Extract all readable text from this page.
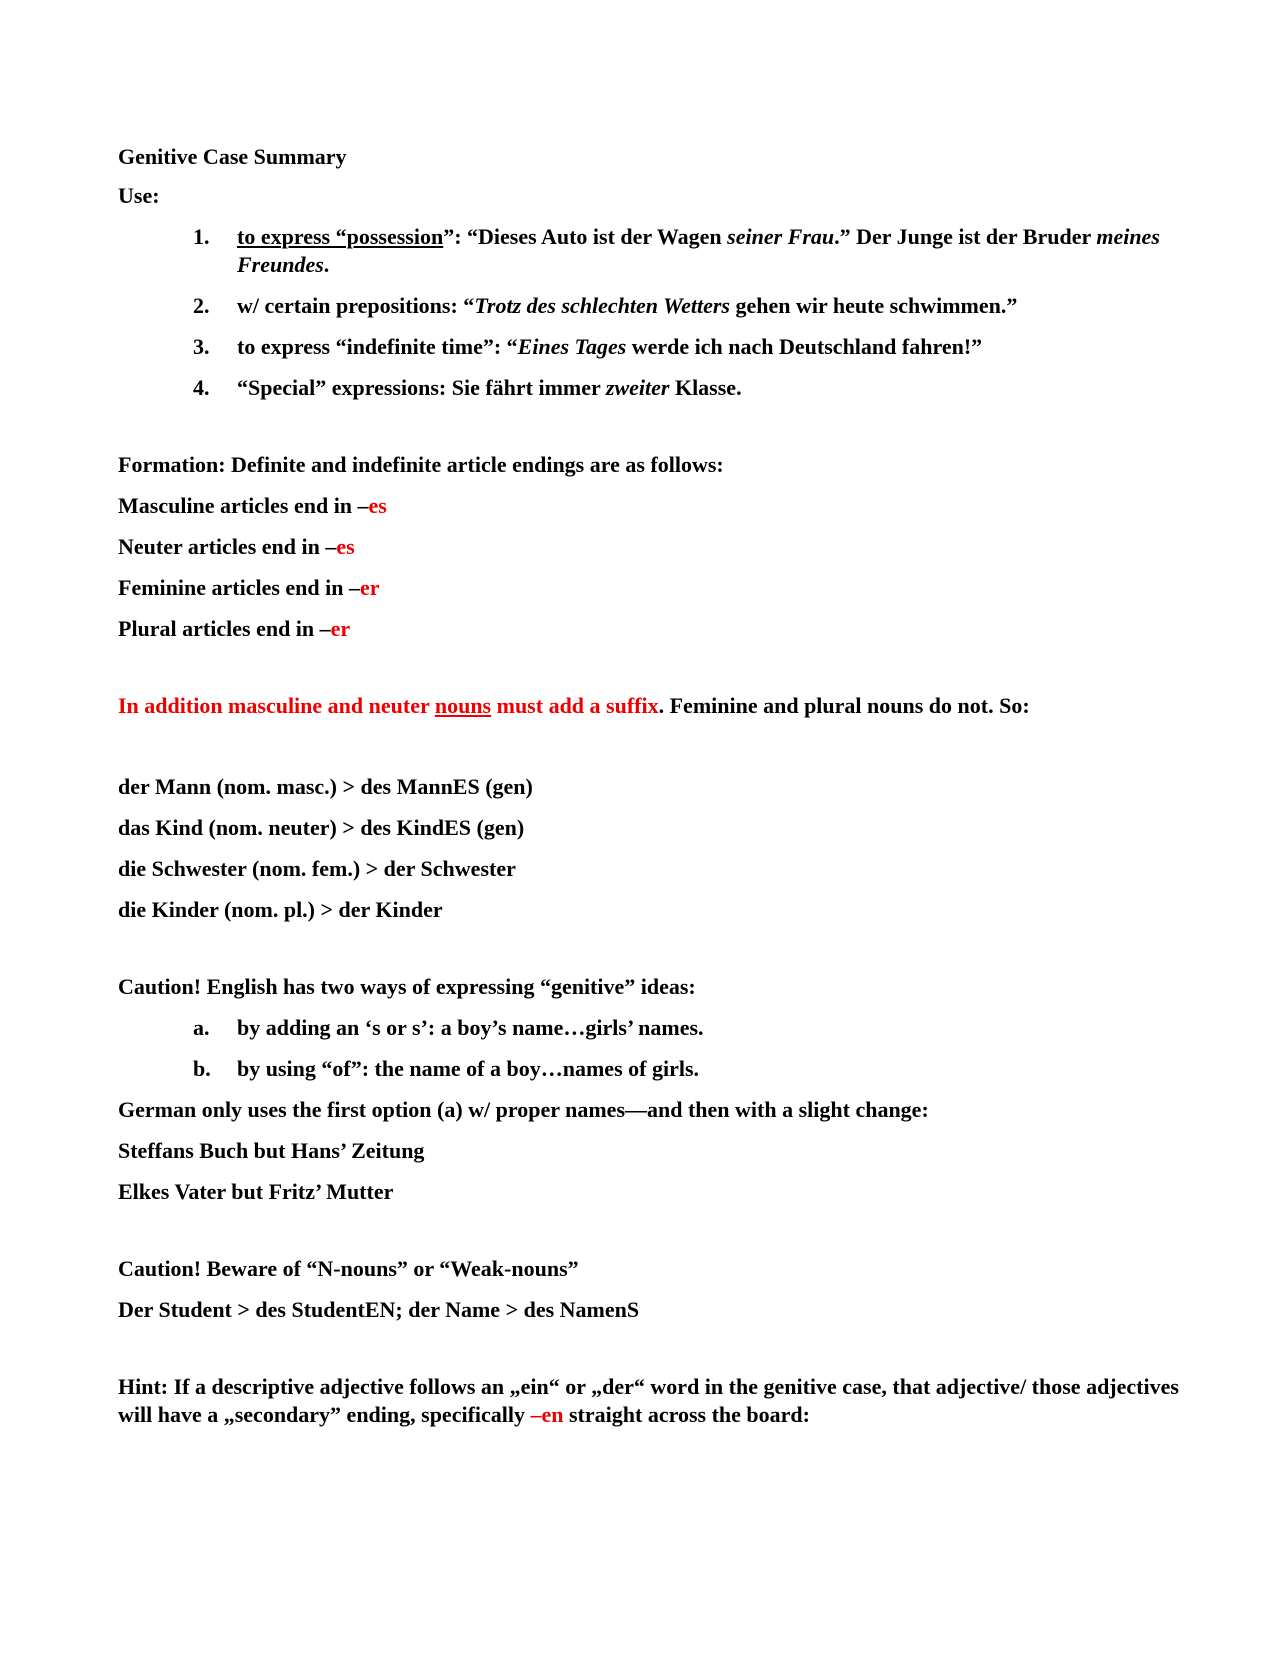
Genitive Case Summary

Use:

1. to express “possession”: “Dieses Auto ist der Wagen seiner Frau.” Der Junge ist der Bruder meines Freundes.
2. w/ certain prepositions: “Trotz des schlechten Wetters gehen wir heute schwimmen.”
3. to express “indefinite time”: “Eines Tages werde ich nach Deutschland fahren!”
4. “Special” expressions: Sie fährt immer zweiter Klasse.

Formation: Definite and indefinite article endings are as follows:

Masculine articles end in –es

Neuter articles end in –es

Feminine articles end in –er

Plural articles end in –er

In addition masculine and neuter nouns must add a suffix. Feminine and plural nouns do not. So:

der Mann (nom. masc.) > des MannES (gen)

das Kind (nom. neuter) > des KindES (gen)

die Schwester (nom. fem.) > der Schwester

die Kinder (nom. pl.) > der Kinder

Caution! English has two ways of expressing “genitive” ideas:

a. by adding an ‘s or s’: a boy’s name…girls’ names.
b. by using “of”: the name of a boy…names of girls.

German only uses the first option (a) w/ proper names—and then with a slight change:

Steffans Buch but Hans’ Zeitung

Elkes Vater but Fritz’ Mutter

Caution! Beware of “N-nouns” or “Weak-nouns”

Der Student > des StudentEN; der Name > des NamenS

Hint: If a descriptive adjective follows an „ein“ or „der“ word in the genitive case, that adjective/ those adjectives will have a „secondary” ending, specifically –en straight across the board:
